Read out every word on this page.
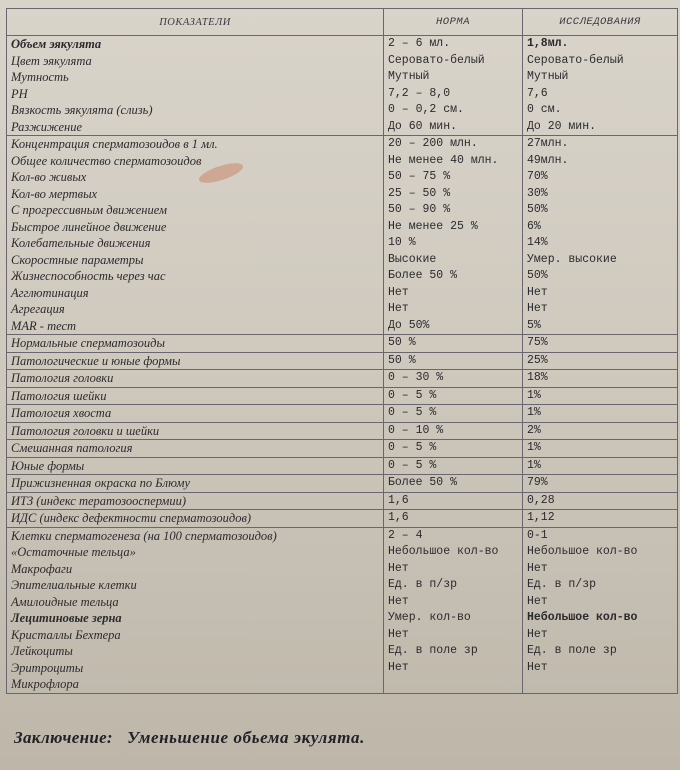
ПОКАЗАТЕЛИ	НОРМА	ИССЛЕДОВАНИЯ
Объем эякулята	2 – 6 мл.	1,8мл.
Цвет эякулята	Серовато-белый	Серовато-белый
Мутность	Мутный	Мутный
PH	7,2 – 8,0	7,6
Вязкость эякулята (слизь)	0 – 0,2 см.	0 см.
Разжижение	До 60 мин.	До 20 мин.
Концентрация сперматозоидов в 1 мл.	20 – 200 млн.	27млн.
Общее количество сперматозоидов	Не менее 40 млн.	49млн.
Кол-во живых	50 – 75 %	70%
Кол-во мертвых	25 – 50 %	30%
С прогрессивным движением	50 – 90 %	50%
Быстрое линейное движение	Не менее 25 %	6%
Колебательные движения	10 %	14%
Скоростные параметры	Высокие	Умер. высокие
Жизнеспособность через час	Более 50 %	50%
Агглютинация	Нет	Нет
Агрегация	Нет	Нет
MAR - тест	До 50%	5%
Нормальные сперматозоиды	50 %	75%
Патологические и юные формы	50 %	25%
Патология головки	0 – 30 %	18%
Патология шейки	0 – 5 %	1%
Патология хвоста	0 – 5 %	1%
Патология головки и шейки	0 – 10 %	2%
Смешанная патология	0 – 5 %	1%
Юные формы	0 – 5 %	1%
Прижизненная окраска по Блюму	Более 50 %	79%
ИТЗ (индекс тератозооспермии)	1,6	0,28
ИДС (индекс дефектности сперматозоидов)	1,6	1,12
Клетки сперматогенеза (на 100 сперматозоидов)	2 – 4	0-1
«Остаточные тельца»	Небольшое кол-во	Небольшое кол-во
Макрофаги	Нет	Нет
Эпителиальные клетки	Ед. в п/зр	Ед. в п/зр
Амилоидные тельца	Нет	Нет
Лецитиновые зерна	Умер. кол-во	Небольшое кол-во
Кристаллы Бехтера	Нет	Нет
Лейкоциты	Ед. в поле зр	Ед. в поле зр
Эритроциты	Нет	Нет
Микрофлора		
Заключение: Уменьшение обьема экулята.
